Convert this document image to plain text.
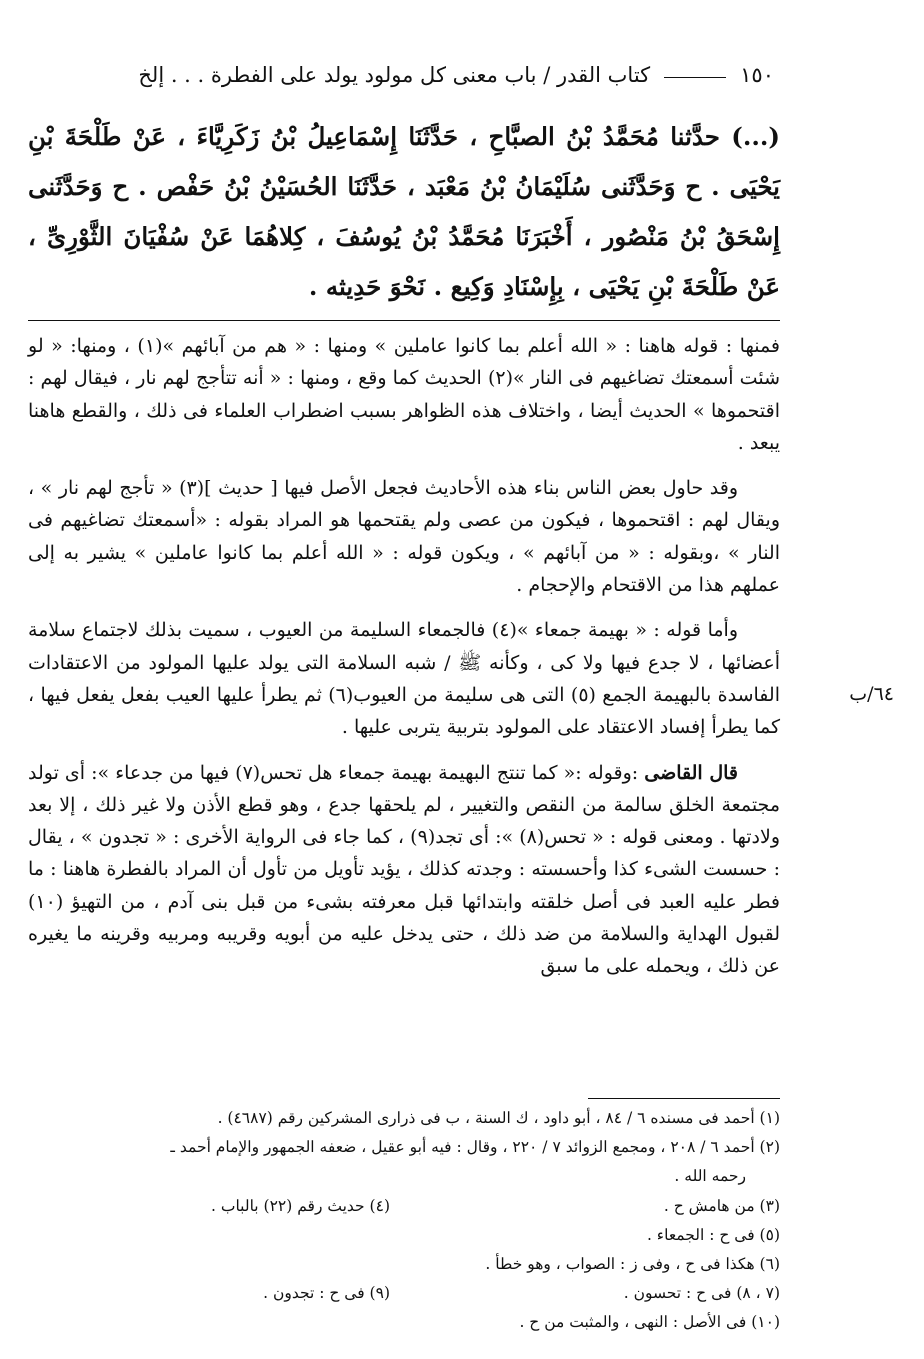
١٥٠
كتاب القدر / باب معنى كل مولود يولد على الفطرة . . . إلخ
(...) حدَّثنا مُحَمَّدُ بْنُ الصبَّاحِ ، حَدَّثَنَا إِسْمَاعِيلُ بْنُ زَكَرِيَّاءَ ، عَنْ طَلْحَةَ بْنِ يَحْيَى . ح وَحَدَّثَنى سُلَيْمَانُ بْنُ مَعْبَد ، حَدَّثَنَا الحُسَيْنُ بْنُ حَفْص . ح وَحَدَّثَنى إِسْحَقُ بْنُ مَنْصُور ، أَخْبَرَنَا مُحَمَّدُ بْنُ يُوسُفَ ، كِلاهُمَا عَنْ سُفْيَانَ الثَّوْرِىِّ ، عَنْ طَلْحَةَ بْنِ يَحْيَى ، بِإِسْنَادِ وَكِيع . نَحْوَ حَدِيثه .

فمنها : قوله هاهنا : « الله أعلم بما كانوا عاملين » ومنها : « هم من آبائهم »(١) ، ومنها: « لو شئت أسمعتك تضاغيهم فى النار »(٢) الحديث كما وقع ، ومنها : « أنه تتأجج لهم نار ، فيقال لهم : اقتحموها » الحديث أيضا ، واختلاف هذه الظواهر بسبب اضطراب العلماء فى ذلك ، والقطع هاهنا يبعد .

وقد حاول بعض الناس بناء هذه الأحاديث فجعل الأصل فيها [ حديث ](٣) « تأجج لهم نار » ، ويقال لهم : اقتحموها ، فيكون من عصى ولم يقتحمها هو المراد بقوله : «أسمعتك تضاغيهم فى النار » ،وبقوله : « من آبائهم » ، ويكون قوله : « الله أعلم بما كانوا عاملين » يشير به إلى عملهم هذا من الاقتحام والإحجام .

وأما قوله : « بهيمة جمعاء »(٤) فالجمعاء السليمة من العيوب ، سميت بذلك لاجتماع سلامة أعضائها ، لا جدع فيها ولا كى ، وكأنه ﷺ / شبه السلامة التى يولد عليها المولود من الاعتقادات الفاسدة بالبهيمة الجمع (٥) التى هى سليمة من العيوب(٦) ثم يطرأ عليها العيب بفعل يفعل فيها ، كما يطرأ إفساد الاعتقاد على المولود بتربية يتربى عليها .

قال القاضى :وقوله :« كما تنتج البهيمة بهيمة جمعاء هل تحس(٧) فيها من جدعاء »: أى تولد مجتمعة الخلق سالمة من النقص والتغيير ، لم يلحقها جدع ، وهو قطع الأذن ولا غير ذلك ، إلا بعد ولادتها . ومعنى قوله : « تحس(٨) »: أى تجد(٩) ، كما جاء فى الرواية الأخرى : « تجدون » ، يقال : حسست الشىء كذا وأحسسته : وجدته كذلك ، يؤيد تأويل من تأول أن المراد بالفطرة هاهنا : ما فطر عليه العبد فى أصل خلقته وابتدائها قبل معرفته بشىء من قبل بنى آدم ، من التهيؤ (١٠) لقبول الهداية والسلامة من ضد ذلك ، حتى يدخل عليه من أبويه وقريبه ومربيه وقرينه ما يغيره عن ذلك ، ويحمله على ما سبق

٦٤/ب
(١) أحمد فى مسنده ٦ / ٨٤ ، أبو داود ، ك السنة ، ب فى ذرارى المشركين رقم (٤٦٨٧) .
(٢) أحمد ٦ / ٢٠٨ ، ومجمع الزوائد ٧ / ٢٢٠ ، وقال : فيه أبو عقيل ، ضعفه الجمهور والإمام أحمد ـ
رحمه الله .
(٣) من هامش ح .
(٤) حديث رقم (٢٢) بالباب .
(٥) فى ح : الجمعاء .
(٦) هكذا فى ح ، وفى ز : الصواب ، وهو خطأ .
(٧ ، ٨) فى ح : تحسون .
(٩) فى ح : تجدون .
(١٠) فى الأصل : النهى ، والمثبت من ح .
